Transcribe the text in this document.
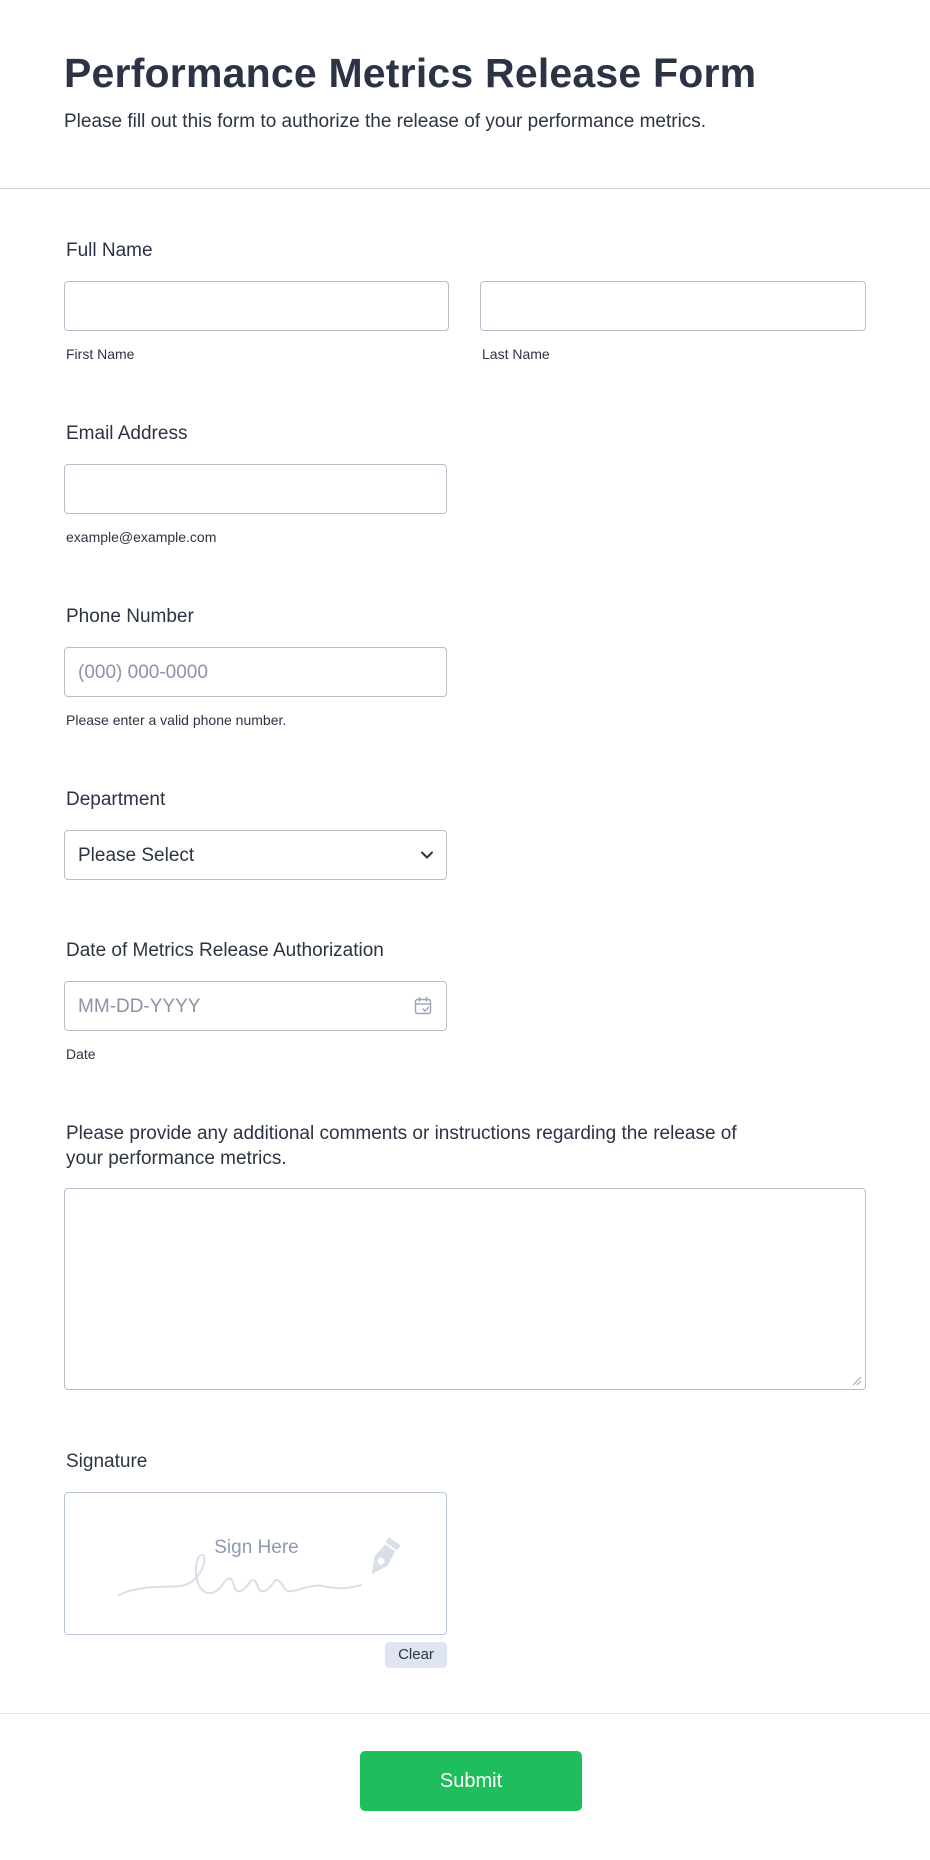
Performance Metrics Release Form
Please fill out this form to authorize the release of your performance metrics.
Full Name
First Name	Last Name
Email Address
example@example.com
Phone Number
(000) 000-0000
Please enter a valid phone number.
Department
Please Select
Date of Metrics Release Authorization
MM-DD-YYYY
Date
Please provide any additional comments or instructions regarding the release of
your performance metrics.
Signature
Sign Here
Clear
Submit
